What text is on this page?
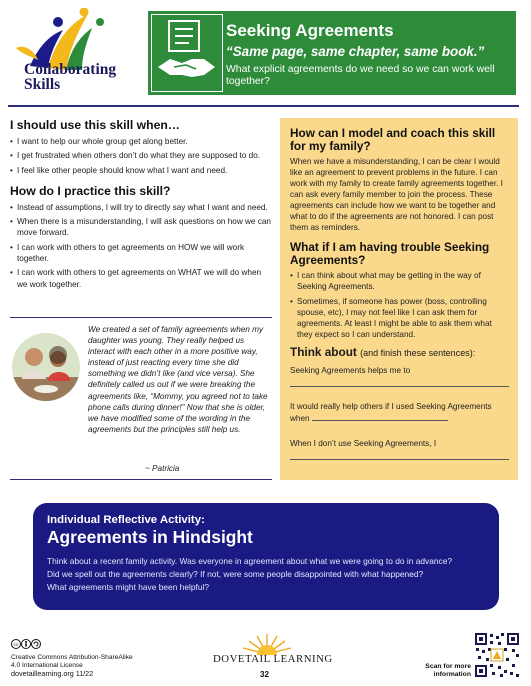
Collaborating
Skills
Seeking Agreements
“Same page, same chapter, same book.”
What explicit agreements do we need so we can work well together?
I should use this skill when…
• I want to help our whole group get along better.
• I get frustrated when others don’t do what they are supposed to do.
• I feel like other people should know what I want and need.
How do I practice this skill?
• Instead of assumptions, I will try to directly say what I want and need.
• When there is a misunderstanding, I will ask questions on how we can move forward.
• I can work with others to get agreements on HOW we will work together.
• I can work with others to get agreements on WHAT we will do when we work together.
We created a set of family agreements when my daughter was young. They really helped us interact with each other in a more positive way, instead of just reacting every time she did something we didn’t like (and vice versa). She definitely called us out if we were breaking the agreements like, “Mommy, you agreed not to take phone calls during dinner!” Now that she is older, we have modified some of the wording in the agreements but the principles still help us.
~ Patricia
How can I model and coach this skill for my family?

When we have a misunderstanding, I can be clear I would like an agreement to prevent problems in the future. I can work with my family to create family agreements together. I can ask every family member to join the process. These agreements can include how we want to be together and what to do if the agreements are not honored. I can post them as reminders.

What if I am having trouble Seeking Agreements?
• I can think about what may be getting in the way of Seeking Agreements.
• Sometimes, if someone has power (boss, controlling spouse, etc), I may not feel like I can ask them for agreements. At least I might be able to ask them what they expect so I can understand.
Think about (and finish these sentences):
Seeking Agreements helps me to
It would really help others if I used Seeking Agreements when
When I don’t use Seeking Agreements, I
Individual Reflective Activity:
Agreements in Hindsight
Think about a recent family activity. Was everyone in agreement about what we were going to do in advance?
Did we spell out the agreements clearly? If not, were some people disappointed with what happened?
What agreements might have been helpful?
cc
Creative Commons Attribution-ShareAlike
4.0 International License
dovetaillearning.org 11/22
DOVETAIL LEARNING
32
Scan for more
information
